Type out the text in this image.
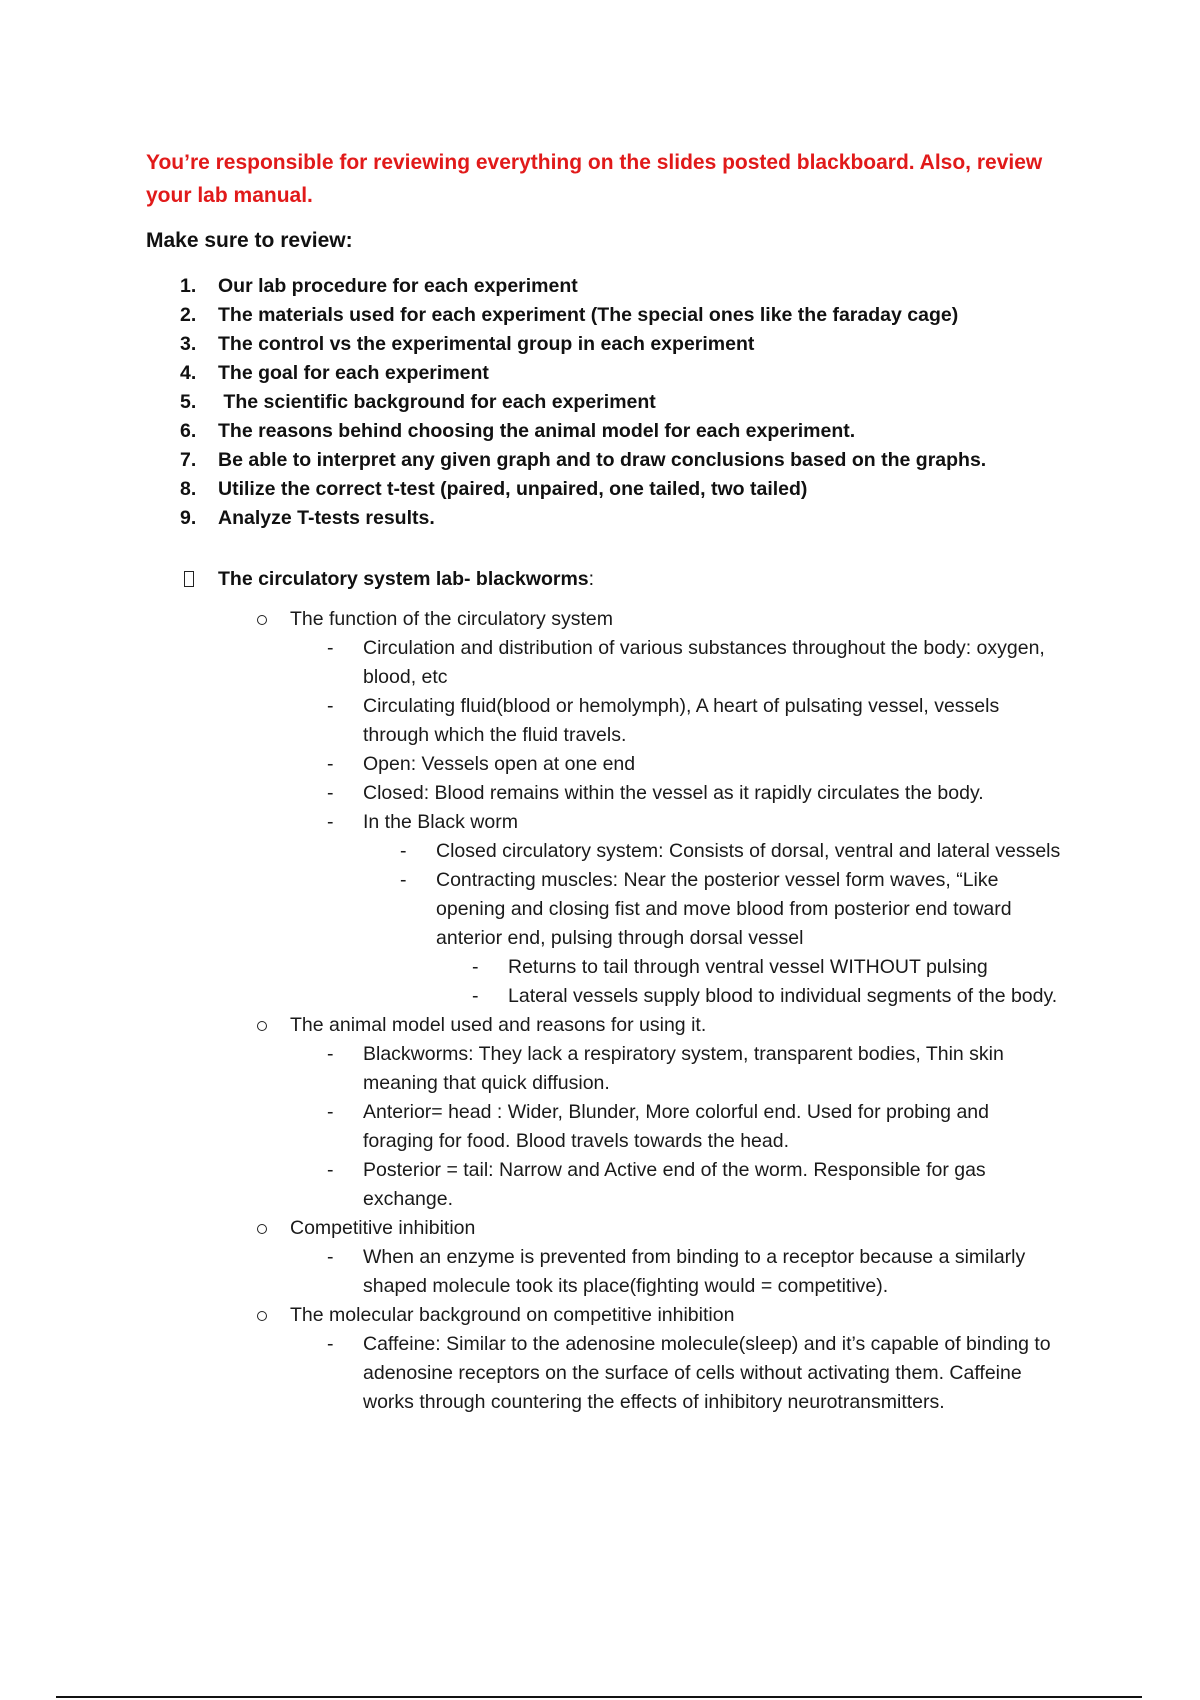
You’re responsible for reviewing everything on the slides posted blackboard. Also, review your lab manual.
Make sure to review:
1.	Our lab procedure for each experiment
2.	The materials used for each experiment (The special ones like the faraday cage)
3.	The control vs the experimental group in each experiment
4.	The goal for each experiment
5.	The scientific background for each experiment
6.	The reasons behind choosing the animal model for each experiment.
7.	Be able to interpret any given graph and to draw conclusions based on the graphs.
8.	Utilize the correct t-test (paired, unpaired, one tailed, two tailed)
9.	Analyze T-tests results.
The circulatory system lab- blackworms :
The function of the circulatory system
- Circulation and distribution of various substances throughout the body: oxygen,
blood, etc
- Circulating fluid(blood or hemolymph), A heart of pulsating vessel, vessels
through which the fluid travels.
- Open: Vessels open at one end
- Closed: Blood remains within the vessel as it rapidly circulates the body.
- In the Black worm
- Closed circulatory system: Consists of dorsal, ventral and lateral vessels
- Contracting muscles: Near the posterior vessel form waves, “Like
opening and closing fist and move blood from posterior end toward
anterior end, pulsing through dorsal vessel
- Returns to tail through ventral vessel WITHOUT pulsing
- Lateral vessels supply blood to individual segments of the body.
The animal model used and reasons for using it.
- Blackworms: They lack a respiratory system, transparent bodies, Thin skin
meaning that quick diffusion.
- Anterior= head : Wider, Blunder, More colorful end. Used for probing and
foraging for food. Blood travels towards the head.
- Posterior = tail: Narrow and Active end of the worm. Responsible for gas
exchange.
Competitive inhibition
- When an enzyme is prevented from binding to a receptor because a similarly
shaped molecule took its place(fighting would = competitive).
The molecular background on competitive inhibition
- Caffeine: Similar to the adenosine molecule(sleep) and it’s capable of binding to
adenosine receptors on the surface of cells without activating them. Caffeine
works through countering the effects of inhibitory neurotransmitters.
